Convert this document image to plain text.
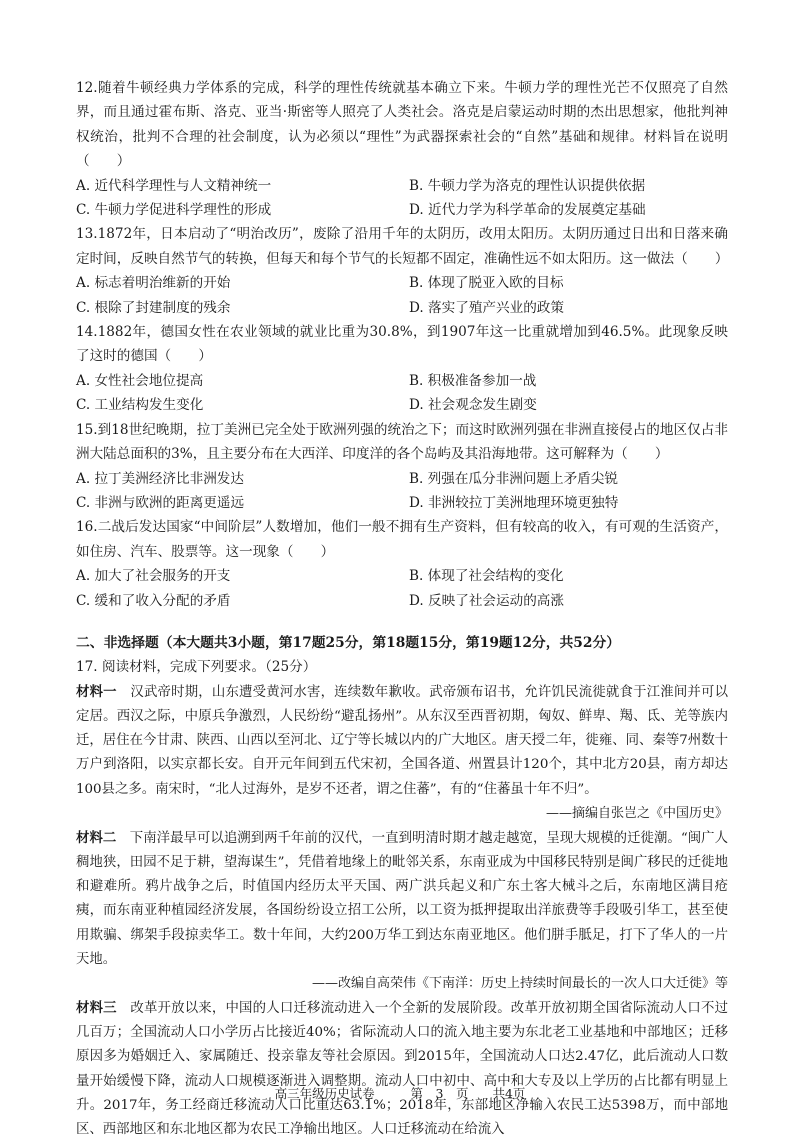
12.随着牛顿经典力学体系的完成，科学的理性传统就基本确立下来。牛顿力学的理性光芒不仅照亮了自然界，而且通过霍布斯、洛克、亚当·斯密等人照亮了人类社会。洛克是启蒙运动时期的杰出思想家，他批判神权统治，批判不合理的社会制度，认为必须以“理性”为武器探索社会的“自然”基础和规律。材料旨在说明（　　）

A. 近代科学理性与人文精神统一	B. 牛顿力学为洛克的理性认识提供依据
C. 牛顿力学促进科学理性的形成	D. 近代力学为科学革命的发展奠定基础

13.1872年，日本启动了“明治改历”，废除了沿用千年的太阴历，改用太阳历。太阴历通过日出和日落来确定时间，反映自然节气的转换，但每天和每个节气的长短都不固定，准确性远不如太阳历。这一做法（　　）

A. 标志着明治维新的开始	B. 体现了脱亚入欧的目标
C. 根除了封建制度的残余	D. 落实了殖产兴业的政策

14.1882年，德国女性在农业领域的就业比重为30.8%，到1907年这一比重就增加到46.5%。此现象反映了这时的德国（　　）

A. 女性社会地位提高	B. 积极准备参加一战
C. 工业结构发生变化	D. 社会观念发生剧变

15.到18世纪晚期，拉丁美洲已完全处于欧洲列强的统治之下；而这时欧洲列强在非洲直接侵占的地区仅占非洲大陆总面积的3%，且主要分布在大西洋、印度洋的各个岛屿及其沿海地带。这可解释为（　　）

A. 拉丁美洲经济比非洲发达	B. 列强在瓜分非洲问题上矛盾尖锐
C. 非洲与欧洲的距离更遥远	D. 非洲较拉丁美洲地理环境更独特

16.二战后发达国家“中间阶层”人数增加，他们一般不拥有生产资料，但有较高的收入，有可观的生活资产，如住房、汽车、股票等。这一现象（　　）

A. 加大了社会服务的开支	B. 体现了社会结构的变化
C. 缓和了收入分配的矛盾	D. 反映了社会运动的高涨
二、非选择题（本大题共3小题，第17题25分，第18题15分，第19题12分，共52分）

17. 阅读材料，完成下列要求。（25分）

材料一　汉武帝时期，山东遭受黄河水害，连续数年歉收。武帝颁布诏书，允许饥民流徙就食于江淮间并可以定居。西汉之际，中原兵争激烈，人民纷纷“避乱扬州”。从东汉至西晋初期，匈奴、鲜卑、羯、氐、羌等族内迁，居住在今甘肃、陕西、山西以至河北、辽宁等长城以内的广大地区。唐天授二年，徙雍、同、秦等7州数十万户到洛阳，以实京都长安。自开元年间到五代宋初，全国各道、州置县计120个，其中北方20县，南方却达100县之多。南宋时，“北人过海外，是岁不还者，谓之住蕃”，有的“住蕃虽十年不归”。

——摘编自张岂之《中国历史》

材料二　下南洋最早可以追溯到两千年前的汉代，一直到明清时期才越走越宽，呈现大规模的迁徙潮。“闽广人稠地狭，田园不足于耕，望海谋生”，凭借着地缘上的毗邻关系，东南亚成为中国移民特别是闽广移民的迁徙地和避难所。鸦片战争之后，时值国内经历太平天国、两广洪兵起义和广东土客大械斗之后，东南地区满目疮痍，而东南亚种植园经济发展，各国纷纷设立招工公所，以工资为抵押提取出洋旅费等手段吸引华工，甚至使用欺骗、绑架手段掠卖华工。数十年间，大约200万华工到达东南亚地区。他们胼手胝足，打下了华人的一片天地。

——改编自高荣伟《下南洋：历史上持续时间最长的一次人口大迁徙》等

材料三　改革开放以来，中国的人口迁移流动进入一个全新的发展阶段。改革开放初期全国省际流动人口不过几百万；全国流动人口小学历占比接近40%；省际流动人口的流入地主要为东北老工业基地和中部地区；迁移原因多为婚姻迁入、家属随迁、投亲靠友等社会原因。到2015年，全国流动人口达2.47亿，此后流动人口数量开始缓慢下降，流动人口规模逐渐进入调整期。流动人口中初中、高中和大专及以上学历的占比都有明显上升。2017年，务工经商迁移流动人口比重达63.1%；2018年，东部地区净输入农民工达5398万，而中部地区、西部地区和东北地区都为农民工净输出地区。人口迁移流动在给流入

高三年级历史试卷	第　3　页 共4页
